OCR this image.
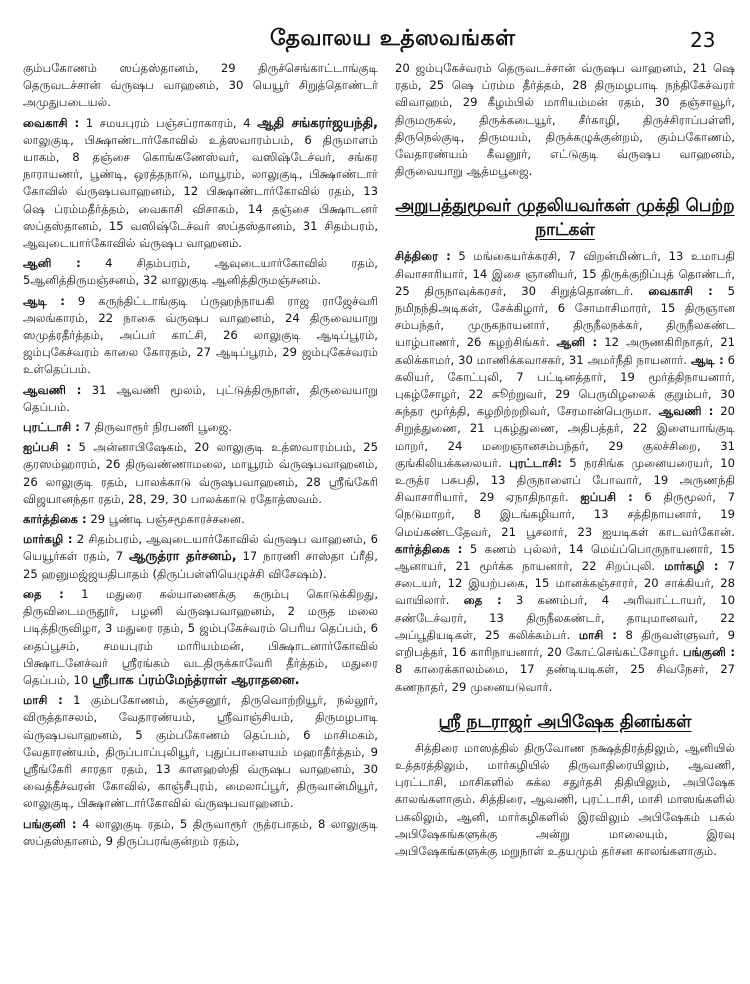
தேவாலய உத்ஸவங்கள்	23

கும்பகோணம் ஸப்தஸ்தானம், 29 திருச்செங்காட்டாங்குடி தெருவடச்சான் வ்ருஷப வாஹனம், 30 யெயூர் சிறுத்தொண்டர் அமுதுபடையல்.

வைகாசி : 1 சமயபுரம் பஞ்சப்ராகாரம், 4 ஆதி சங்கரர்ஜயந்தி, லாலுகுடி, பிக்ஷாண்டார்கோவில் உத்ஸவாரம்பம், 6 திருமாளம் யாகம், 8 தஞ்சை கொங்கணேஸ்வர், வஸிஷ்டேச்வர், சங்கர நாராயணர், பூண்டி, ஒரத்தநாடு, மாயூரம், லாலுகுடி, பிக்ஷாண்டார் கோவில் வ்ருஷபவாஹனம், 12 பிக்ஷாண்டார்கோவில் ரதம், 13 ஷெ ப்ரம்மதீர்த்தம், வைகாசி விசாகம், 14 தஞ்சை பிக்ஷாடனர் ஸப்தஸ்தானம், 15 வஸிஷ்டேச்வர் ஸப்தஸ்தானம், 31 சிதம்பரம், ஆவுடையார்கோவில் வ்ருஷப வாஹனம்.

ஆனி : 4 சிதம்பரம், ஆவுடையார்கோவில் ரதம், 5ஆனித்திருமஞ்சனம், 32 லாலுகுடி ஆனித்திருமஞ்சனம்.

ஆடி : 9 கருந்திட்டாங்குடி ப்ருஹந்நாயகி ராஜ ராஜேச்வரி அலங்காரம், 22 நாகை வ்ருஷப வாஹனம், 24 திருவையாறு ஸமுத்ரதீர்த்தம், அப்பர் காட்சி, 26 லாலுகுடி ஆடிப்பூரம், ஜம்புகேச்வரம் காலை கோரதம், 27 ஆடிப்பூரம், 29 ஜம்புகேச்வரம் உள்தெப்பம்.

ஆவணி : 31 ஆவணி மூலம், புட்டுத்திருநாள், திருவையாறு தெப்பம்.

புரட்டாசி : 7 திருவாரூர் நிரபணி பூஜை.

ஐப்பசி : 5 அன்னாபிஷேகம், 20 லாலுகுடி உத்ஸவாரம்பம், 25 குரஸம்ஹாரம், 26 திருவண்ணாமலை, மாயூரம் வ்ருஷபவாஹனம், 26 லாலுகுடி ரதம், பாலக்காடு வ்ருஷபவாஹனம், 28 ஸ்ரீங்கேரி விஜயானந்தா ரதம், 28, 29, 30 பாலக்காடு ரதோத்ஸவம்.

கார்த்திகை : 29 பூண்டி பஞ்சமூகாரச்சனை.

மார்கழி : 2 சிதம்பரம், ஆவுடையார்கோவில் வ்ருஷப வாஹனம், 6 யெயூர்கள் ரதம், 7 ஆருத்ரா தர்சனம், 17 நாரணி சாஸ்தா ப்ரீதி, 25 ஹனுமஜ்ஜயதிபாதம் (திருப்பள்ளியெழுச்சி விசேஷம்).

தை : 1 மதுரை கல்யாணைக்கு கரும்பு கொடுக்கிறது, திருவிடைமருதூர், பழனி வ்ருஷபவாஹனம், 2 மருத மலை படித்திருவிழா, 3 மதுரை ரதம், 5 ஜம்புகேச்வரம் பெரிய தெப்பம், 6 தைப்பூசம், சமயபுரம் மாரியம்மன், பிக்ஷாடனார்கோவில் பிக்ஷாடனேச்வர் ஸ்ரீரங்கம் வடதிருக்காவேரி தீர்த்தம், மதுரை தெப்பம், 10 ஸ்ரீபாக ப்ரம்மேந்த்ராள் ஆராதனை.

மாசி : 1 கும்பகோணம், கஞ்சனூர், திருவொற்றியூர், நல்லூர், விருத்தாசலம், வேதாரண்யம், ஸ்ரீவாஞ்சியம், திருமழபாடி வ்ருஷபவாஹனம், 5 கும்பகோணம் தெப்பம், 6 மாசிமகம், வேதாரண்யம், திருப்பாப்புலியூர், புதுப்பாளையம் மஹாதீர்த்தம், 9 ஸ்ரீங்கேரி சாரதா ரதம், 13 காளஹஸ்தி வ்ருஷப வாஹனம், 30 வைத்தீச்வரன் கோவில், காஞ்சீபுரம், மைலாப்பூர், திருவான்மியூர், லாலுகுடி, பிக்ஷாண்டார்கோவில் வ்ருஷபவாஹனம்.

பங்குனி : 4 லாலுகுடி ரதம், 5 திருவாரூர் ருத்ரபாதம், 8 லாலுகுடி ஸப்தஸ்தானம், 9 திருப்பரங்குன்றம் ரதம்,

20 ஜம்புகேச்வரம் தெருவடச்சான் வ்ருஷப வாஹனம், 21 ஷெ ரதம், 25 ஷெ ப்ரம்ம தீர்த்தம், 28 திருமழபாடி நந்திகேச்வரர் விவாஹம், 29 கீழம்பில் மாரியம்மன் ரதம், 30 தஞ்சாவூர், திருமருகல், திருக்கடையூர், சீர்காழி, திருச்சிராப்பள்ளி, திருநெல்குடி, திருமயம், திருக்கழுக்குன்றம், கும்பகோணம், வேதாரண்யம் கீவனூர், எட்டுகுடி வ்ருஷப வாஹனம், திருவையாறு ஆத்மபூஜை.

அறுபத்துமூவர் முதலியவர்கள் முக்தி பெற்ற நாட்கள்

சித்திரை : 5 மங்கையர்க்கரசி, 7 விறன்மிண்டர், 13 உமாபதி சிவாசாரியார், 14 இசை ஞானியர், 15 திருக்குறிப்புத் தொண்டர், 25 திருநாவுக்கரசர், 30 சிறுத்தொண்டர். வைகாசி : 5 நமிநந்திஅடிகள், சேக்கிழார், 6 சோமாசிமாரர், 15 திருஞான சம்பந்தர், முருகநாயனார், திருநீலநக்கர், திருநீலகண்ட யாழ்பாணர், 26 கழற்சிங்கர். ஆனி : 12 அருணகிரிநாதர், 21 கலிக்காமர், 30 மாணிக்கவாசகர், 31 அமர்நீதி நாயனார். ஆடி : 6 கலியர், கோட்புலி, 7 பட்டினத்தார், 19 மூர்த்திநாயனார், புகழ்சோழர், 22 சுூற்றுவர், 29 பெருமிழலைக் குறும்பர், 30 சுந்தர மூர்த்தி, கழறிற்றறிவர், சேரமான்பெருமா. ஆவணி : 20 சிறுத்துணை, 21 புகழ்துணை, அதிபத்தர், 22 இளையாங்குடி மாறர், 24 மறைஞானசம்பந்தர், 29 குலச்சிறை, 31 குங்கிலியக்கலையர். புரட்டாசி: 5 நரசிங்க முனையரையர், 10 உருத்ர பசுபதி, 13 திருநாளைப் போவார், 19 அருணந்தி சிவாசாரியார், 29 ஏநாதிநாதர். ஐப்பசி : 6 திருமூலர், 7 நெடுமாறர், 8 இடங்கழியார், 13 சத்திநாயனார், 19 மெய்கண்டதேவர், 21 பூசலார், 23 ஐயடிகள் காடவர்கோன். கார்த்திகை : 5 கணம் புல்லர், 14 மெய்ப்பொருநாயனார், 15 ஆனாயர், 21 மூர்க்க நாயனார், 22 சிறப்புலி. மார்கழி : 7 சடையர், 12 இயற்பகை, 15 மானக்கஞ்சாரர், 20 சாக்கியர், 28 வாயிலார். தை : 3 கணம்பர், 4 அரிவாட்டாயர், 10 சண்டேச்வரர், 13 திருநீலகண்டர், தாயுமானவர், 22 அப்பூதியடிகள், 25 கலிக்கம்பர். மாசி : 8 திருவள்ளுவர், 9 எறிபத்தர், 16 காரிநாயனார், 20 கோட்செங்கட்சோழர். பங்குனி : 8 காரைக்காலம்மை, 17 தண்டியடிகள், 25 சிவநேசர், 27 கணநாதர், 29 முனையடுவார்.

ஸ்ரீ நடராஜர் அபிஷேக தினங்கள்

சித்திரை மாஸத்தில் திருவோண நக்ஷத்திரத்திலும், ஆனியில் உத்தரத்திலும், மார்கழியில் திருவாதிரையிலும், ஆவணி, புரட்டாசி, மாசிகளில் சுக்ல சதுர்தசி திதியிலும், அபிஷேக காலங்களாகும். சித்திரை, ஆவணி, புரட்டாசி, மாசி மாஸங்களில் பகலிலும், ஆனி, மார்கழிகளில் இரவிலும் அபிஷேகம் பகல் அபிஷேகங்களுக்கு அன்று மாலையும், இரவு அபிஷேகங்களுக்கு மறுநாள் உதயமும் தர்சன காலங்களாகும்.
